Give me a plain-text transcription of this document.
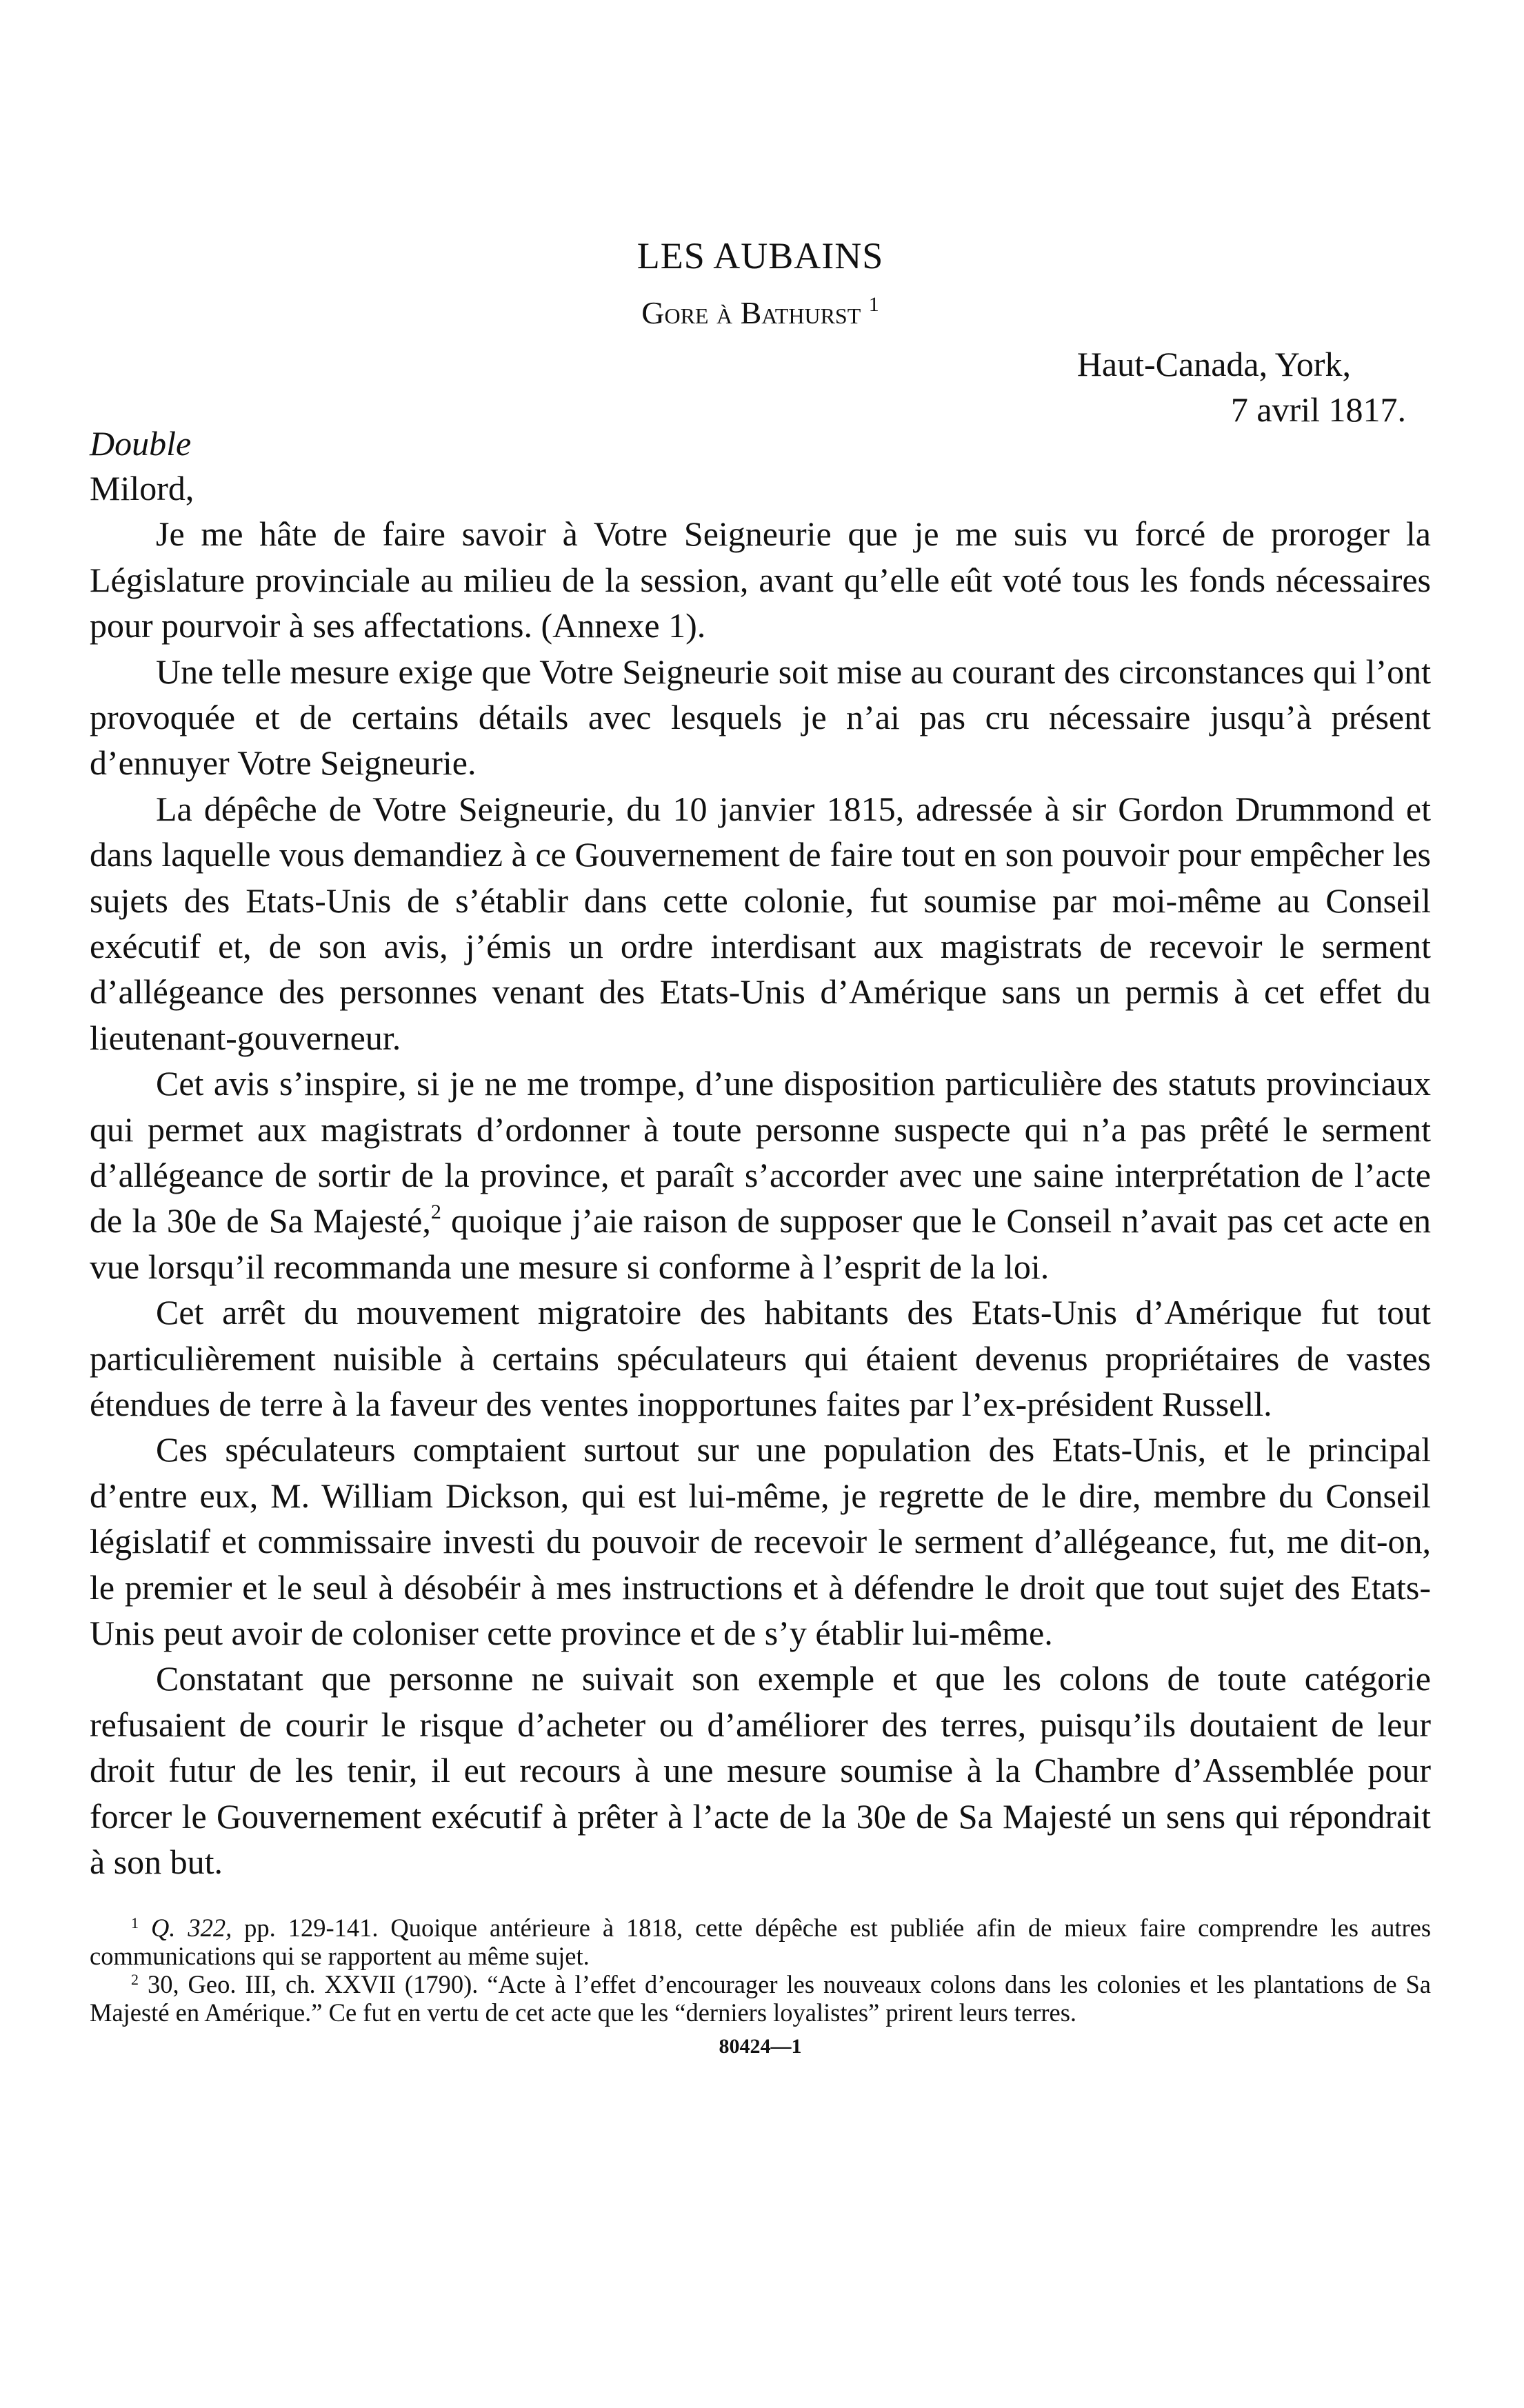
LES AUBAINS
Gore à Bathurst $^1$
Haut-Canada, York,
7 avril 1817.
Double
Milord,

Je me hâte de faire savoir à Votre Seigneurie que je me suis vu forcé de proroger la Législature provinciale au milieu de la session, avant qu’elle eût voté tous les fonds nécessaires pour pourvoir à ses affectations. (Annexe 1).

Une telle mesure exige que Votre Seigneurie soit mise au courant des circonstances qui l’ont provoquée et de certains détails avec lesquels je n’ai pas cru nécessaire jusqu’à présent d’ennuyer Votre Seigneurie.

La dépêche de Votre Seigneurie, du 10 janvier 1815, adressée à sir Gordon Drummond et dans laquelle vous demandiez à ce Gouvernement de faire tout en son pouvoir pour empêcher les sujets des Etats-Unis de s’établir dans cette colonie, fut soumise par moi-même au Conseil exécutif et, de son avis, j’émis un ordre interdisant aux magistrats de recevoir le serment d’allégeance des personnes venant des Etats-Unis d’Amérique sans un permis à cet effet du lieutenant-gouverneur.

Cet avis s’inspire, si je ne me trompe, d’une disposition particulière des statuts provinciaux qui permet aux magistrats d’ordonner à toute personne suspecte qui n’a pas prêté le serment d’allégeance de sortir de la province, et paraît s’accorder avec une saine interprétation de l’acte de la 30e de Sa Majesté,$^2$ quoique j’aie raison de supposer que le Conseil n’avait pas cet acte en vue lorsqu’il recommanda une mesure si conforme à l’esprit de la loi.

Cet arrêt du mouvement migratoire des habitants des Etats-Unis d’Amérique fut tout particulièrement nuisible à certains spéculateurs qui étaient devenus propriétaires de vastes étendues de terre à la faveur des ventes inopportunes faites par l’ex-président Russell.

Ces spéculateurs comptaient surtout sur une population des Etats-Unis, et le principal d’entre eux, M. William Dickson, qui est lui-même, je regrette de le dire, membre du Conseil législatif et commissaire investi du pouvoir de recevoir le serment d’allégeance, fut, me dit-on, le premier et le seul à désobéir à mes instructions et à défendre le droit que tout sujet des Etats-Unis peut avoir de coloniser cette province et de s’y établir lui-même.

Constatant que personne ne suivait son exemple et que les colons de toute catégorie refusaient de courir le risque d’acheter ou d’améliorer des terres, puisqu’ils doutaient de leur droit futur de les tenir, il eut recours à une mesure soumise à la Chambre d’Assemblée pour forcer le Gouvernement exécutif à prêter à l’acte de la 30e de Sa Majesté un sens qui répondrait à son but.

$^1$ Q. 322, pp. 129-141. Quoique antérieure à 1818, cette dépêche est publiée afin de mieux faire comprendre les autres communications qui se rapportent au même sujet.

$^2$ 30, Geo. III, ch. XXVII (1790). “Acte à l’effet d’encourager les nouveaux colons dans les colonies et les plantations de Sa Majesté en Amérique.” Ce fut en vertu de cet acte que les “derniers loyalistes” prirent leurs terres.

80424—1
